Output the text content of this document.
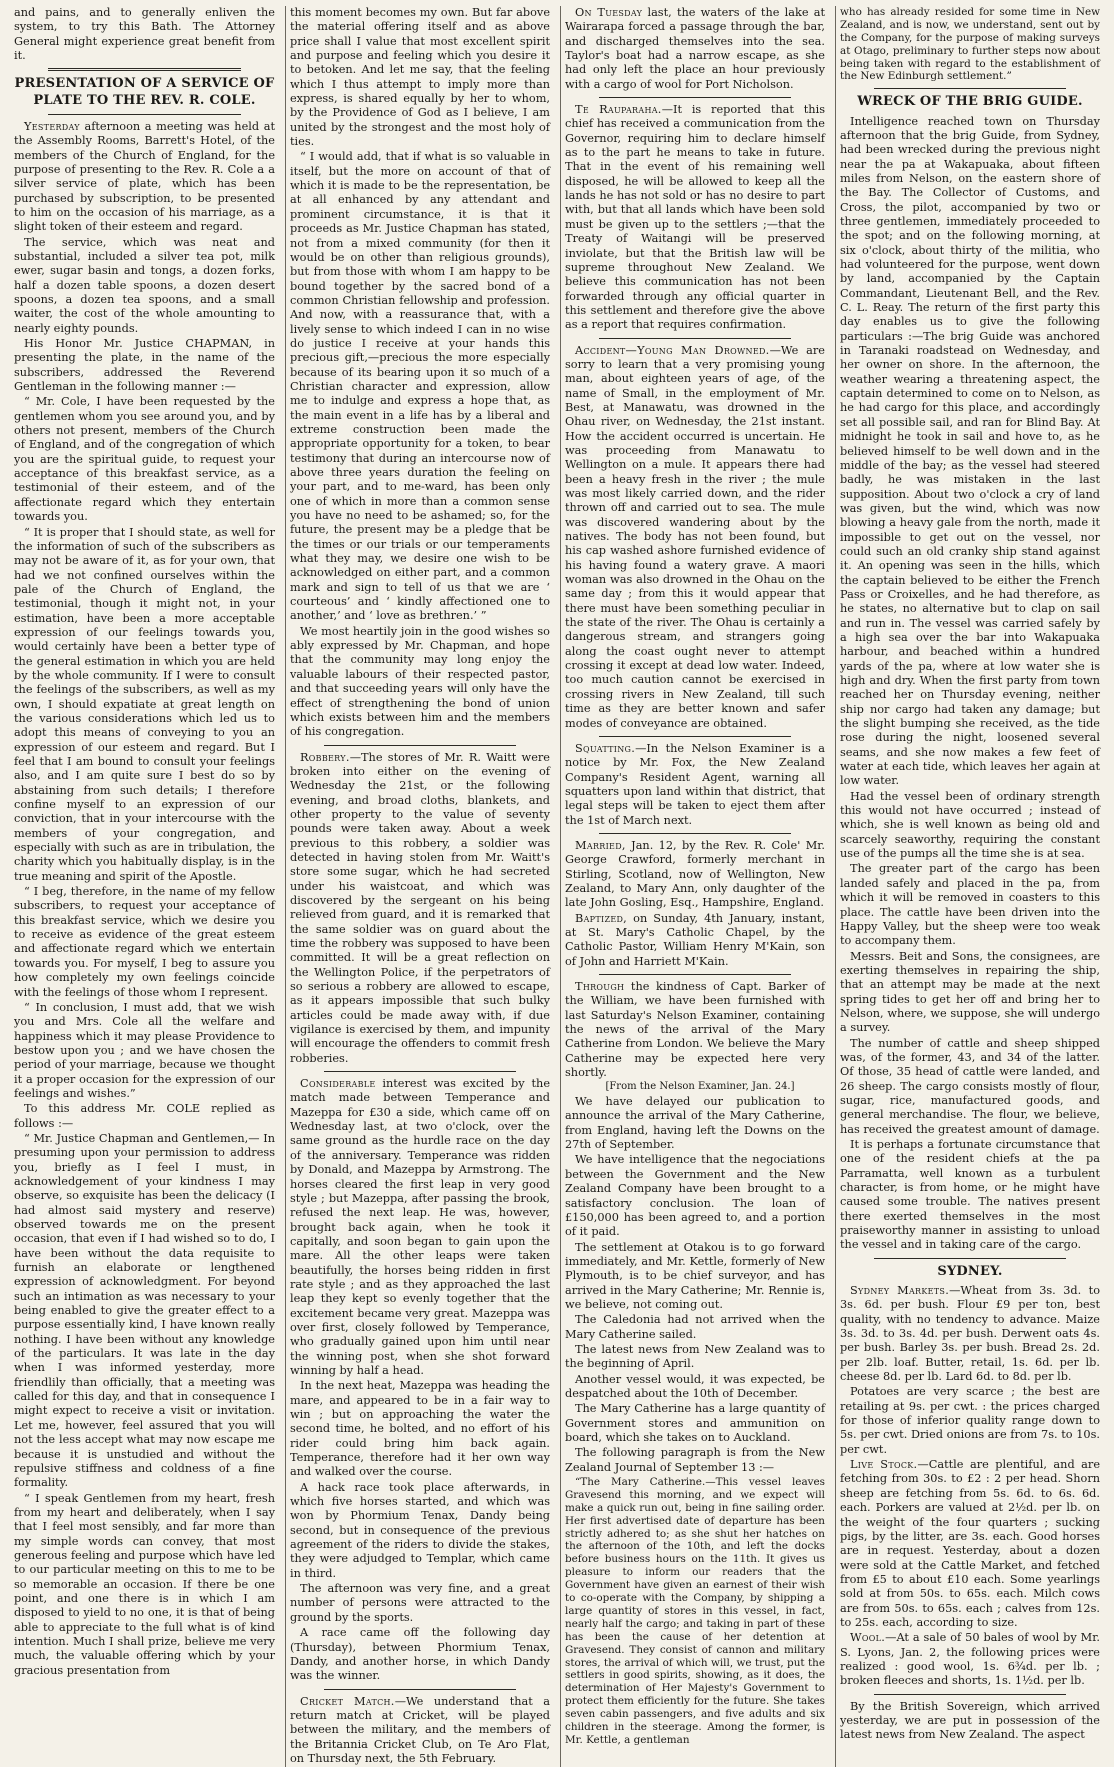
and pains, and to generally enliven the system, to try this Bath. The Attorney General might experience great benefit from it.

PRESENTATION OF A SERVICE OF PLATE TO THE REV. R. COLE.

Yesterday afternoon a meeting was held at the Assembly Rooms, Barrett's Hotel, of the members of the Church of England, for the purpose of presenting to the Rev. R. Cole a a silver service of plate, which has been purchased by subscription, to be presented to him on the occasion of his marriage, as a slight token of their esteem and regard.

The service, which was neat and substantial, included a silver tea pot, milk ewer, sugar basin and tongs, a dozen forks, half a dozen table spoons, a dozen desert spoons, a dozen tea spoons, and a small waiter, the cost of the whole amounting to nearly eighty pounds.

His Honor Mr. Justice CHAPMAN, in presenting the plate, in the name of the subscribers, addressed the Reverend Gentleman in the following manner :—

“ Mr. Cole, I have been requested by the gentlemen whom you see around you, and by others not present, members of the Church of England, and of the congregation of which you are the spiritual guide, to request your acceptance of this breakfast service, as a testimonial of their esteem, and of the affectionate regard which they entertain towards you.

“ It is proper that I should state, as well for the information of such of the subscribers as may not be aware of it, as for your own, that had we not confined ourselves within the pale of the Church of England, the testimonial, though it might not, in your estimation, have been a more acceptable expression of our feelings towards you, would certainly have been a better type of the general estimation in which you are held by the whole community. If I were to consult the feelings of the subscribers, as well as my own, I should expatiate at great length on the various considerations which led us to adopt this means of conveying to you an expression of our esteem and regard. But I feel that I am bound to consult your feelings also, and I am quite sure I best do so by abstaining from such details; I therefore confine myself to an expression of our conviction, that in your intercourse with the members of your congregation, and especially with such as are in tribulation, the charity which you habitually display, is in the true meaning and spirit of the Apostle.

“ I beg, therefore, in the name of my fellow subscribers, to request your acceptance of this breakfast service, which we desire you to receive as evidence of the great esteem and affectionate regard which we entertain towards you. For myself, I beg to assure you how completely my own feelings coincide with the feelings of those whom I represent.

“ In conclusion, I must add, that we wish you and Mrs. Cole all the welfare and happiness which it may please Providence to bestow upon you ; and we have chosen the period of your marriage, because we thought it a proper occasion for the expression of our feelings and wishes.”

To this address Mr. COLE replied as follows :—

“ Mr. Justice Chapman and Gentlemen,— In presuming upon your permission to address you, briefly as I feel I must, in acknowledgement of your kindness I may observe, so exquisite has been the delicacy (I had almost said mystery and reserve) observed towards me on the present occasion, that even if I had wished so to do, I have been without the data requisite to furnish an elaborate or lengthened expression of acknowledgment. For beyond such an intimation as was necessary to your being enabled to give the greater effect to a purpose essentially kind, I have known really nothing. I have been without any knowledge of the particulars. It was late in the day when I was informed yesterday, more friendlily than officially, that a meeting was called for this day, and that in consequence I might expect to receive a visit or invitation. Let me, however, feel assured that you will not the less accept what may now escape me because it is unstudied and without the repulsive stiffness and coldness of a fine formality.

“ I speak Gentlemen from my heart, fresh from my heart and deliberately, when I say that I feel most sensibly, and far more than my simple words can convey, that most generous feeling and purpose which have led to our particular meeting on this to me to be so memorable an occasion. If there be one point, and one there is in which I am disposed to yield to no one, it is that of being able to appreciate to the full what is of kind intention. Much I shall prize, believe me very much, the valuable offering which by your gracious presentation from

this moment becomes my own. But far above the material offering itself and as above price shall I value that most excellent spirit and purpose and feeling which you desire it to betoken. And let me say, that the feeling which I thus attempt to imply more than express, is shared equally by her to whom, by the Providence of God as I believe, I am united by the strongest and the most holy of ties.

“ I would add, that if what is so valuable in itself, but the more on account of that of which it is made to be the representation, be at all enhanced by any attendant and prominent circumstance, it is that it proceeds as Mr. Justice Chapman has stated, not from a mixed community (for then it would be on other than religious grounds), but from those with whom I am happy to be bound together by the sacred bond of a common Christian fellowship and profession. And now, with a reassurance that, with a lively sense to which indeed I can in no wise do justice I receive at your hands this precious gift,—precious the more especially because of its bearing upon it so much of a Christian character and expression, allow me to indulge and express a hope that, as the main event in a life has by a liberal and extreme construction been made the appropriate opportunity for a token, to bear testimony that during an intercourse now of above three years duration the feeling on your part, and to me-ward, has been only one of which in more than a common sense you have no need to be ashamed; so, for the future, the present may be a pledge that be the times or our trials or our temperaments what they may, we desire one wish to be acknowledged on either part, and a common mark and sign to tell of us that we are ‘ courteous’ and ‘ kindly affectioned one to another,’ and ‘ love as brethren.’ ”

We most heartily join in the good wishes so ably expressed by Mr. Chapman, and hope that the community may long enjoy the valuable labours of their respected pastor, and that succeeding years will only have the effect of strengthening the bond of union which exists between him and the members of his congregation.

Robbery.—The stores of Mr. R. Waitt were broken into either on the evening of Wednesday the 21st, or the following evening, and broad cloths, blankets, and other property to the value of seventy pounds were taken away. About a week previous to this robbery, a soldier was detected in having stolen from Mr. Waitt's store some sugar, which he had secreted under his waistcoat, and which was discovered by the sergeant on his being relieved from guard, and it is remarked that the same soldier was on guard about the time the robbery was supposed to have been committed. It will be a great reflection on the Wellington Police, if the perpetrators of so serious a robbery are allowed to escape, as it appears impossible that such bulky articles could be made away with, if due vigilance is exercised by them, and impunity will encourage the offenders to commit fresh robberies.

Considerable interest was excited by the match made between Temperance and Mazeppa for £30 a side, which came off on Wednesday last, at two o'clock, over the same ground as the hurdle race on the day of the anniversary. Temperance was ridden by Donald, and Mazeppa by Armstrong. The horses cleared the first leap in very good style ; but Mazeppa, after passing the brook, refused the next leap. He was, however, brought back again, when he took it capitally, and soon began to gain upon the mare. All the other leaps were taken beautifully, the horses being ridden in first rate style ; and as they approached the last leap they kept so evenly together that the excitement became very great. Mazeppa was over first, closely followed by Temperance, who gradually gained upon him until near the winning post, when she shot forward winning by half a head.

In the next heat, Mazeppa was heading the mare, and appeared to be in a fair way to win ; but on approaching the water the second time, he bolted, and no effort of his rider could bring him back again. Temperance, therefore had it her own way and walked over the course.

A hack race took place afterwards, in which five horses started, and which was won by Phormium Tenax, Dandy being second, but in consequence of the previous agreement of the riders to divide the stakes, they were adjudged to Templar, which came in third.

The afternoon was very fine, and a great number of persons were attracted to the ground by the sports.

A race came off the following day (Thursday), between Phormium Tenax, Dandy, and another horse, in which Dandy was the winner.

Cricket Match.—We understand that a return match at Cricket, will be played between the military, and the members of the Britannia Cricket Club, on Te Aro Flat, on Thursday next, the 5th February.

On Tuesday last, the waters of the lake at Wairarapa forced a passage through the bar, and discharged themselves into the sea. Taylor's boat had a narrow escape, as she had only left the place an hour previously with a cargo of wool for Port Nicholson.

Te Rauparaha.—It is reported that this chief has received a communication from the Governor, requiring him to declare himself as to the part he means to take in future. That in the event of his remaining well disposed, he will be allowed to keep all the lands he has not sold or has no desire to part with, but that all lands which have been sold must be given up to the settlers ;—that the Treaty of Waitangi will be preserved inviolate, but that the British law will be supreme throughout New Zealand. We believe this communication has not been forwarded through any official quarter in this settlement and therefore give the above as a report that requires confirmation.

Accident—Young Man Drowned.—We are sorry to learn that a very promising young man, about eighteen years of age, of the name of Small, in the employment of Mr. Best, at Manawatu, was drowned in the Ohau river, on Wednesday, the 21st instant. How the accident occurred is uncertain. He was proceeding from Manawatu to Wellington on a mule. It appears there had been a heavy fresh in the river ; the mule was most likely carried down, and the rider thrown off and carried out to sea. The mule was discovered wandering about by the natives. The body has not been found, but his cap washed ashore furnished evidence of his having found a watery grave. A maori woman was also drowned in the Ohau on the same day ; from this it would appear that there must have been something peculiar in the state of the river. The Ohau is certainly a dangerous stream, and strangers going along the coast ought never to attempt crossing it except at dead low water. Indeed, too much caution cannot be exercised in crossing rivers in New Zealand, till such time as they are better known and safer modes of conveyance are obtained.

Squatting.—In the Nelson Examiner is a notice by Mr. Fox, the New Zealand Company's Resident Agent, warning all squatters upon land within that district, that legal steps will be taken to eject them after the 1st of March next.

Married, Jan. 12, by the Rev. R. Cole' Mr. George Crawford, formerly merchant in Stirling, Scotland, now of Wellington, New Zealand, to Mary Ann, only daughter of the late John Gosling, Esq., Hampshire, England.

Baptized, on Sunday, 4th January, instant, at St. Mary's Catholic Chapel, by the Catholic Pastor, William Henry M'Kain, son of John and Harriett M'Kain.

Through the kindness of Capt. Barker of the William, we have been furnished with last Saturday's Nelson Examiner, containing the news of the arrival of the Mary Catherine from London. We believe the Mary Catherine may be expected here very shortly.

[From the Nelson Examiner, Jan. 24.]

We have delayed our publication to announce the arrival of the Mary Catherine, from England, having left the Downs on the 27th of September.

We have intelligence that the negociations between the Government and the New Zealand Company have been brought to a satisfactory conclusion. The loan of £150,000 has been agreed to, and a portion of it paid.

The settlement at Otakou is to go forward immediately, and Mr. Kettle, formerly of New Plymouth, is to be chief surveyor, and has arrived in the Mary Catherine; Mr. Rennie is, we believe, not coming out.

The Caledonia had not arrived when the Mary Catherine sailed.

The latest news from New Zealand was to the beginning of April.

Another vessel would, it was expected, be despatched about the 10th of December.

The Mary Catherine has a large quantity of Government stores and ammunition on board, which she takes on to Auckland.

The following paragraph is from the New Zealand Journal of September 13 :—

“The Mary Catherine.—This vessel leaves Gravesend this morning, and we expect will make a quick run out, being in fine sailing order. Her first advertised date of departure has been strictly adhered to; as she shut her hatches on the afternoon of the 10th, and left the docks before business hours on the 11th. It gives us pleasure to inform our readers that the Government have given an earnest of their wish to co-operate with the Company, by shipping a large quantity of stores in this vessel, in fact, nearly half the cargo; and taking in part of these has been the cause of her detention at Gravesend. They consist of cannon and military stores, the arrival of which will, we trust, put the settlers in good spirits, showing, as it does, the determination of Her Majesty's Government to protect them efficiently for the future. She takes seven cabin passengers, and five adults and six children in the steerage. Among the former, is Mr. Kettle, a gentleman

who has already resided for some time in New Zealand, and is now, we understand, sent out by the Company, for the purpose of making surveys at Otago, preliminary to further steps now about being taken with regard to the establishment of the New Edinburgh settlement.”

WRECK OF THE BRIG GUIDE.

Intelligence reached town on Thursday afternoon that the brig Guide, from Sydney, had been wrecked during the previous night near the pa at Wakapuaka, about fifteen miles from Nelson, on the eastern shore of the Bay. The Collector of Customs, and Cross, the pilot, accompanied by two or three gentlemen, immediately proceeded to the spot; and on the following morning, at six o'clock, about thirty of the militia, who had volunteered for the purpose, went down by land, accompanied by the Captain Commandant, Lieutenant Bell, and the Rev. C. L. Reay. The return of the first party this day enables us to give the following particulars :—The brig Guide was anchored in Taranaki roadstead on Wednesday, and her owner on shore. In the afternoon, the weather wearing a threatening aspect, the captain determined to come on to Nelson, as he had cargo for this place, and accordingly set all possible sail, and ran for Blind Bay. At midnight he took in sail and hove to, as he believed himself to be well down and in the middle of the bay; as the vessel had steered badly, he was mistaken in the last supposition. About two o'clock a cry of land was given, but the wind, which was now blowing a heavy gale from the north, made it impossible to get out on the vessel, nor could such an old cranky ship stand against it. An opening was seen in the hills, which the captain believed to be either the French Pass or Croixelles, and he had therefore, as he states, no alternative but to clap on sail and run in. The vessel was carried safely by a high sea over the bar into Wakapuaka harbour, and beached within a hundred yards of the pa, where at low water she is high and dry. When the first party from town reached her on Thursday evening, neither ship nor cargo had taken any damage; but the slight bumping she received, as the tide rose during the night, loosened several seams, and she now makes a few feet of water at each tide, which leaves her again at low water.

Had the vessel been of ordinary strength this would not have occurred ; instead of which, she is well known as being old and scarcely seaworthy, requiring the constant use of the pumps all the time she is at sea.

The greater part of the cargo has been landed safely and placed in the pa, from which it will be removed in coasters to this place. The cattle have been driven into the Happy Valley, but the sheep were too weak to accompany them.

Messrs. Beit and Sons, the consignees, are exerting themselves in repairing the ship, that an attempt may be made at the next spring tides to get her off and bring her to Nelson, where, we suppose, she will undergo a survey.

The number of cattle and sheep shipped was, of the former, 43, and 34 of the latter. Of those, 35 head of cattle were landed, and 26 sheep. The cargo consists mostly of flour, sugar, rice, manufactured goods, and general merchandise. The flour, we believe, has received the greatest amount of damage.

It is perhaps a fortunate circumstance that one of the resident chiefs at the pa Parramatta, well known as a turbulent character, is from home, or he might have caused some trouble. The natives present there exerted themselves in the most praiseworthy manner in assisting to unload the vessel and in taking care of the cargo.

SYDNEY.

Sydney Markets.—Wheat from 3s. 3d. to 3s. 6d. per bush. Flour £9 per ton, best quality, with no tendency to advance. Maize 3s. 3d. to 3s. 4d. per bush. Derwent oats 4s. per bush. Barley 3s. per bush. Bread 2s. 2d. per 2lb. loaf. Butter, retail, 1s. 6d. per lb. cheese 8d. per lb. Lard 6d. to 8d. per lb.

Potatoes are very scarce ; the best are retailing at 9s. per cwt. : the prices charged for those of inferior quality range down to 5s. per cwt. Dried onions are from 7s. to 10s. per cwt.

Live Stock.—Cattle are plentiful, and are fetching from 30s. to £2 : 2 per head. Shorn sheep are fetching from 5s. 6d. to 6s. 6d. each. Porkers are valued at 2½d. per lb. on the weight of the four quarters ; sucking pigs, by the litter, are 3s. each. Good horses are in request. Yesterday, about a dozen were sold at the Cattle Market, and fetched from £5 to about £10 each. Some yearlings sold at from 50s. to 65s. each. Milch cows are from 50s. to 65s. each ; calves from 12s. to 25s. each, according to size.

Wool.—At a sale of 50 bales of wool by Mr. S. Lyons, Jan. 2, the following prices were realized : good wool, 1s. 6¾d. per lb. ; broken fleeces and shorts, 1s. 1½d. per lb.

By the British Sovereign, which arrived yesterday, we are put in possession of the latest news from New Zealand. The aspect
